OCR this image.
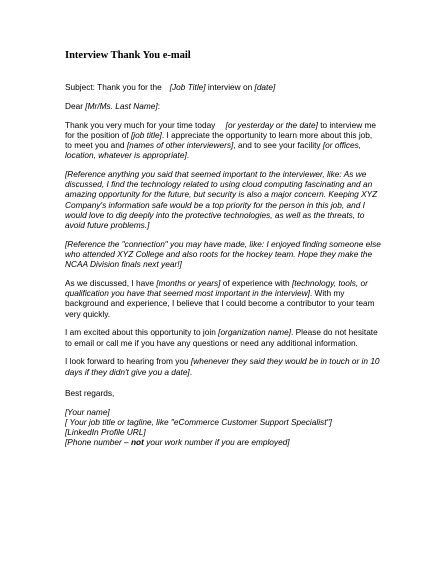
Interview Thank You e-mail

Subject: Thank you for the [Job Title] interview on [date]

Dear [Mr/Ms. Last Name]:

Thank you very much for your time today [or yesterday or the date] to interview me for the position of [job title]. I appreciate the opportunity to learn more about this job, to meet you and [names of other interviewers], and to see your facility [or offices, location, whatever is appropriate].

[Reference anything you said that seemed important to the interviewer, like: As we discussed, I find the technology related to using cloud computing fascinating and an amazing opportunity for the future, but security is also a major concern. Keeping XYZ Company's information safe would be a top priority for the person in this job, and I would love to dig deeply into the protective technologies, as well as the threats, to avoid future problems.]

[Reference the "connection" you may have made, like: I enjoyed finding someone else who attended XYZ College and also roots for the hockey team. Hope they make the NCAA Division finals next year!]

As we discussed, I have [months or years] of experience with [technology, tools, or qualification you have that seemed most important in the interview]. With my background and experience, I believe that I could become a contributor to your team very quickly.

I am excited about this opportunity to join [organization name]. Please do not hesitate to email or call me if you have any questions or need any additional information.

I look forward to hearing from you [whenever they said they would be in touch or in 10 days if they didn't give you a date].

Best regards,

[Your name]
[ Your job title or tagline, like "eCommerce Customer Support Specialist"]
[LinkedIn Profile URL]
[Phone number – not your work number if you are employed]
